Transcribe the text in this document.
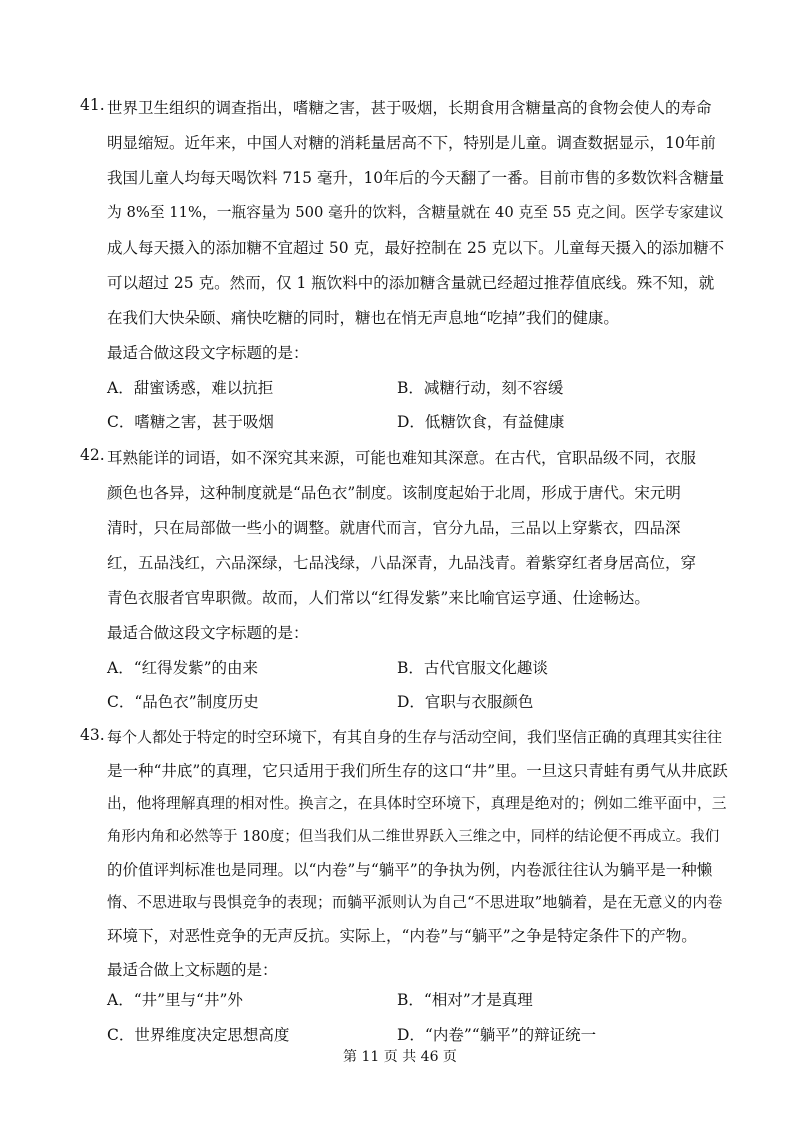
41. 世界卫生组织的调查指出，嗜糖之害，甚于吸烟，长期食用含糖量高的食物会使人的寿命
明显缩短。近年来，中国人对糖的消耗量居高不下，特别是儿童。调查数据显示，10年前
我国儿童人均每天喝饮料 715 毫升，10年后的今天翻了一番。目前市售的多数饮料含糖量
为 8%至 11%，一瓶容量为 500 毫升的饮料，含糖量就在 40 克至 55 克之间。医学专家建议
成人每天摄入的添加糖不宜超过 50 克，最好控制在 25 克以下。儿童每天摄入的添加糖不
可以超过 25 克。然而，仅 1 瓶饮料中的添加糖含量就已经超过推荐值底线。殊不知，就
在我们大快朵颐、痛快吃糖的同时，糖也在悄无声息地“吃掉”我们的健康。
最适合做这段文字标题的是：
A．甜蜜诱惑，难以抗拒	B．减糖行动，刻不容缓
C．嗜糖之害，甚于吸烟	D．低糖饮食，有益健康
42. 耳熟能详的词语，如不深究其来源，可能也难知其深意。在古代，官职品级不同，衣服
颜色也各异，这种制度就是“品色衣”制度。该制度起始于北周，形成于唐代。宋元明
清时，只在局部做一些小的调整。就唐代而言，官分九品，三品以上穿紫衣，四品深
红，五品浅红，六品深绿，七品浅绿，八品深青，九品浅青。着紫穿红者身居高位，穿
青色衣服者官卑职微。故而，人们常以“红得发紫”来比喻官运亨通、仕途畅达。
最适合做这段文字标题的是：
A．“红得发紫”的由来	B．古代官服文化趣谈
C．“品色衣”制度历史	D．官职与衣服颜色
43. 每个人都处于特定的时空环境下，有其自身的生存与活动空间，我们坚信正确的真理其实往往
是一种“井底”的真理，它只适用于我们所生存的这口“井”里。一旦这只青蛙有勇气从井底跃
出，他将理解真理的相对性。换言之，在具体时空环境下，真理是绝对的；例如二维平面中，三
角形内角和必然等于 180度；但当我们从二维世界跃入三维之中，同样的结论便不再成立。我们
的价值评判标准也是同理。以“内卷”与“躺平”的争执为例，内卷派往往认为躺平是一种懒
惰、不思进取与畏惧竞争的表现；而躺平派则认为自己“不思进取”地躺着，是在无意义的内卷
环境下，对恶性竞争的无声反抗。实际上，“内卷”与“躺平”之争是特定条件下的产物。
最适合做上文标题的是：
A．“井”里与“井”外	B．“相对”才是真理
C．世界维度决定思想高度	D．“内卷”“躺平”的辩证统一
第 11 页 共 46 页
